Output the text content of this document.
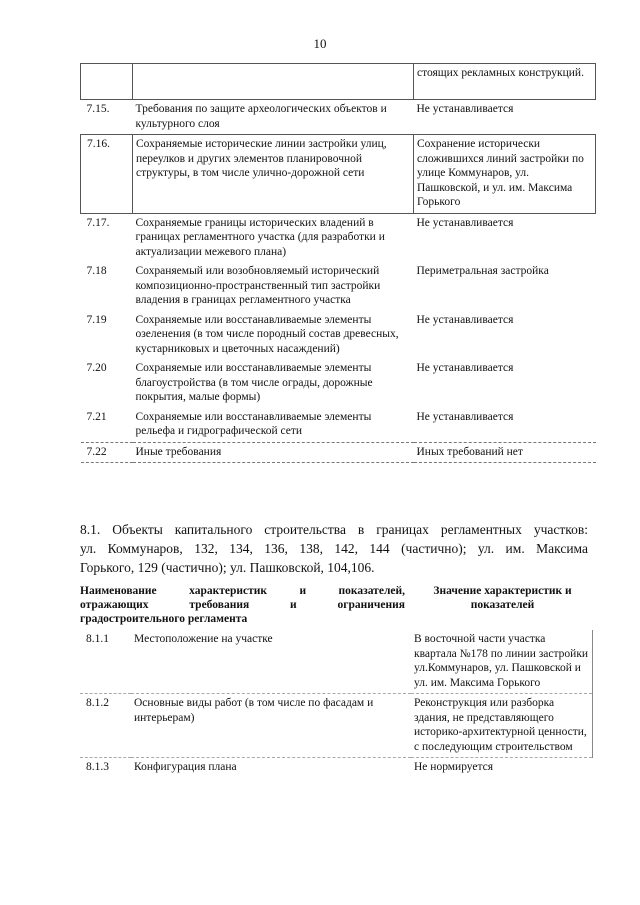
10
		стоящих рекламных конструкций.
7.15.	Требования по защите археологических объектов и культурного слоя	Не устанавливается
7.16.	Сохраняемые исторические линии застройки улиц, переулков и других элементов планировочной структуры, в том числе улично-дорожной сети	Сохранение исторически сложившихся линий застройки по улице Коммунаров, ул. Пашковской, и ул. им. Максима Горького
7.17.	Сохраняемые границы исторических владений в границах регламентного участка (для разработки и актуализации межевого плана)	Не устанавливается
7.18	Сохраняемый или возобновляемый исторический композиционно-пространственный тип застройки владения в границах регламентного участка	Периметральная застройка
7.19	Сохраняемые или восстанавливаемые элементы озеленения (в том числе породный состав древесных, кустарниковых и цветочных насаждений)	Не устанавливается
7.20	Сохраняемые или восстанавливаемые элементы благоустройства (в том числе ограды, дорожные покрытия, малые формы)	Не устанавливается
7.21	Сохраняемые или восстанавливаемые элементы рельефа и гидрографической сети	Не устанавливается
7.22	Иные требования	Иных требований нет
8.1. Объекты капитального строительства в границах регламентных участков:
ул. Коммунаров, 132, 134, 136, 138, 142, 144 (частично); ул. им. Максима
Горького, 129 (частично); ул. Пашковской, 104,106.
Наименование характеристик и показателей,
отражающих требования и ограничения
градостроительного регламента
Значение характеристик и показателей
8.1.1	Местоположение на участке	В восточной части участка квартала №178 по линии застройки ул.Коммунаров, ул. Пашковской и ул. им. Максима Горького
8.1.2	Основные виды работ (в том числе по фасадам и интерьерам)	Реконструкция или разборка здания, не представляющего историко-архитектурной ценности, с последующим строительством
8.1.3	Конфигурация плана	Не нормируется
